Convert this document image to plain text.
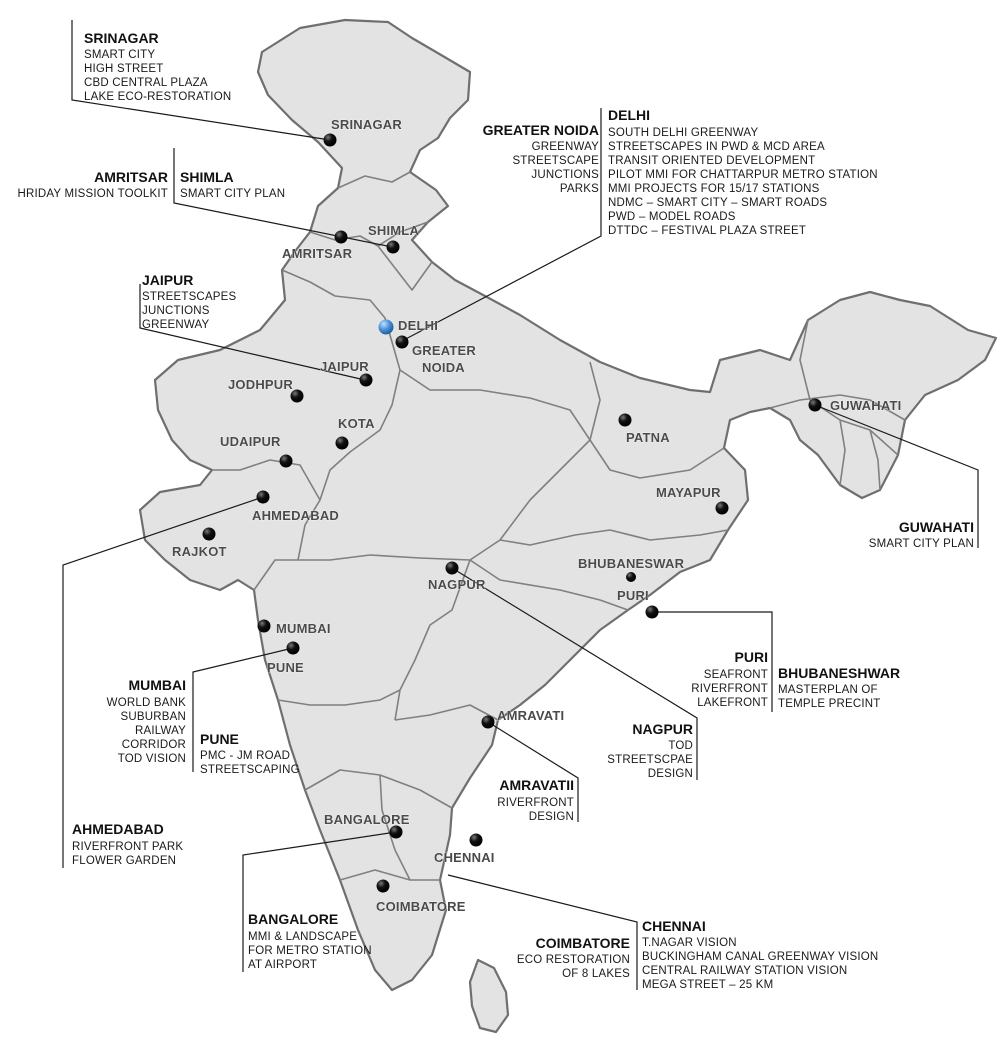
SRINAGAR
SHIMLA
AMRITSAR
DELHI
GREATER
NOIDA
JAIPUR
JODHPUR
KOTA
UDAIPUR
AHMEDABAD
RAJKOT
PATNA
GUWAHATI
MAYAPUR
BHUBANESWAR
PURI
NAGPUR
MUMBAI
PUNE
AMRAVATI
BANGALORE
CHENNAI
COIMBATORE
SRINAGAR
SMART CITY
HIGH STREET
CBD CENTRAL PLAZA
LAKE ECO-RESTORATION
AMRITSAR
HRIDAY MISSION TOOLKIT
SHIMLA
SMART CITY PLAN
GREATER NOIDA
GREENWAY
STREETSCAPE
JUNCTIONS
PARKS
DELHI
SOUTH DELHI GREENWAY
STREETSCAPES IN PWD & MCD AREA
TRANSIT ORIENTED DEVELOPMENT
PILOT MMI FOR CHATTARPUR METRO STATION
MMI PROJECTS FOR 15/17 STATIONS
NDMC – SMART CITY – SMART ROADS
PWD – MODEL ROADS
DTTDC – FESTIVAL PLAZA STREET
JAIPUR
STREETSCAPES
JUNCTIONS
GREENWAY
GUWAHATI
SMART CITY PLAN
PURI
SEAFRONT
RIVERFRONT
LAKEFRONT
BHUBANESHWAR
MASTERPLAN OF
TEMPLE PRECINT
NAGPUR
TOD
STREETSCPAE
DESIGN
MUMBAI
WORLD BANK
SUBURBAN
RAILWAY
CORRIDOR
TOD VISION
PUNE
PMC - JM ROAD
STREETSCAPING
AMRAVATII
RIVERFRONT
DESIGN
AHMEDABAD
RIVERFRONT PARK
FLOWER GARDEN
BANGALORE
MMI & LANDSCAPE
FOR METRO STATION
AT AIRPORT
COIMBATORE
ECO RESTORATION
OF 8 LAKES
CHENNAI
T.NAGAR VISION
BUCKINGHAM CANAL GREENWAY VISION
CENTRAL RAILWAY STATION VISION
MEGA STREET – 25 KM
